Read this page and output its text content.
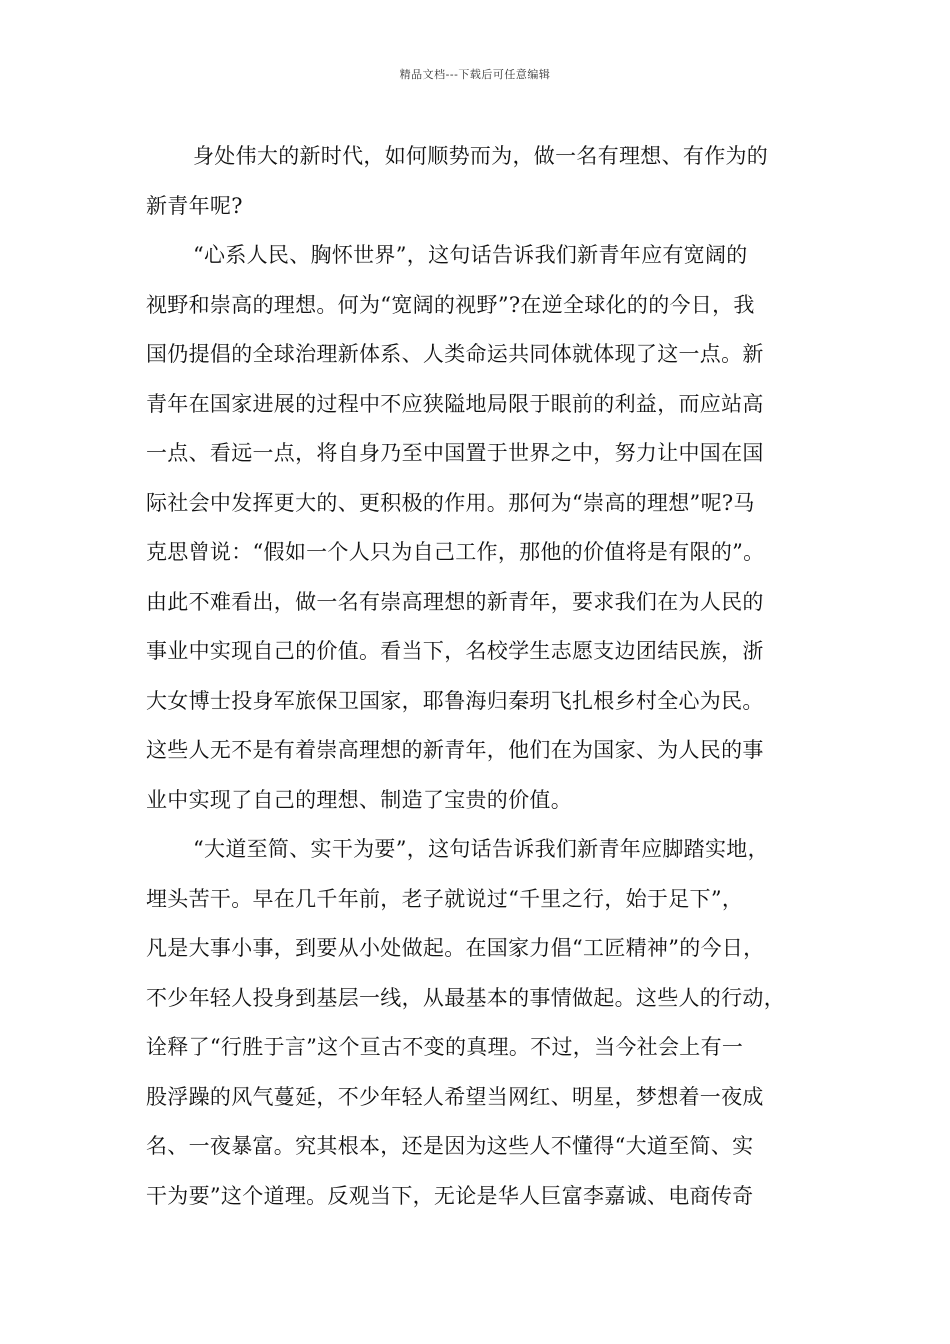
精品文档---下载后可任意编辑
身处伟大的新时代，如何顺势而为，做一名有理想、有作为的
新青年呢?
“心系人民、胸怀世界”，这句话告诉我们新青年应有宽阔的
视野和崇高的理想。何为“宽阔的视野”?在逆全球化的的今日，我
国仍提倡的全球治理新体系、人类命运共同体就体现了这一点。新
青年在国家进展的过程中不应狭隘地局限于眼前的利益，而应站高
一点、看远一点，将自身乃至中国置于世界之中，努力让中国在国
际社会中发挥更大的、更积极的作用。那何为“崇高的理想”呢?马
克思曾说：“假如一个人只为自己工作，那他的价值将是有限的”。
由此不难看出，做一名有崇高理想的新青年，要求我们在为人民的
事业中实现自己的价值。看当下，名校学生志愿支边团结民族，浙
大女博士投身军旅保卫国家，耶鲁海归秦玥飞扎根乡村全心为民。
这些人无不是有着崇高理想的新青年，他们在为国家、为人民的事
业中实现了自己的理想、制造了宝贵的价值。
“大道至简、实干为要”，这句话告诉我们新青年应脚踏实地，
埋头苦干。早在几千年前，老子就说过“千里之行，始于足下”，
凡是大事小事，到要从小处做起。在国家力倡“工匠精神”的今日，
不少年轻人投身到基层一线，从最基本的事情做起。这些人的行动，
诠释了“行胜于言”这个亘古不变的真理。不过，当今社会上有一
股浮躁的风气蔓延，不少年轻人希望当网红、明星，梦想着一夜成
名、一夜暴富。究其根本，还是因为这些人不懂得“大道至简、实
干为要”这个道理。反观当下，无论是华人巨富李嘉诚、电商传奇
